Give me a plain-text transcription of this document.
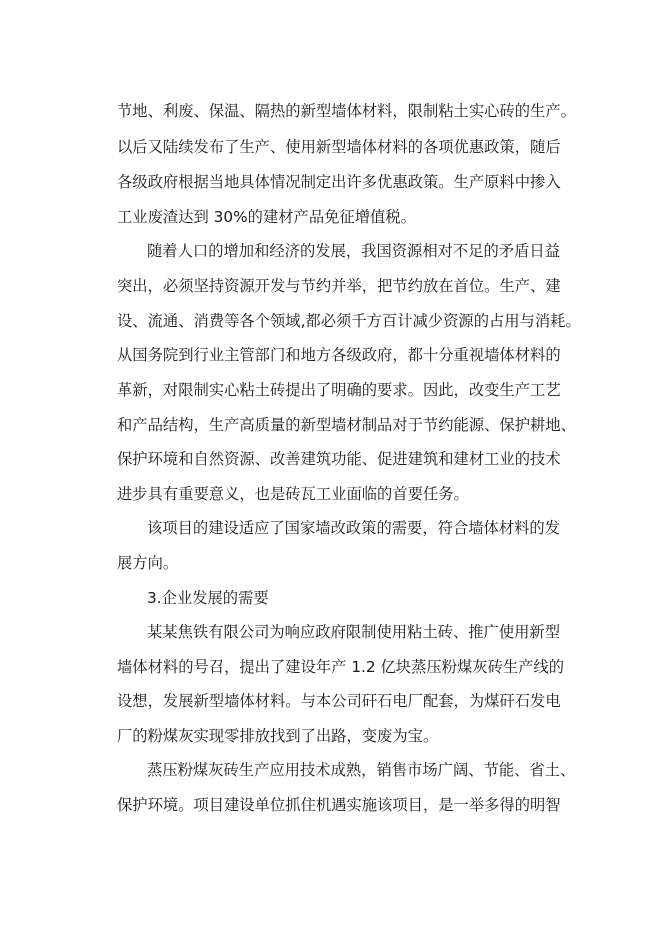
节地、利废、保温、隔热的新型墙体材料，限制粘土实心砖的生产。
以后又陆续发布了生产、使用新型墙体材料的各项优惠政策，随后
各级政府根据当地具体情况制定出许多优惠政策。生产原料中掺入
工业废渣达到 30%的建材产品免征增值税。
随着人口的增加和经济的发展，我国资源相对不足的矛盾日益
突出，必须坚持资源开发与节约并举，把节约放在首位。生产、建
设、流通、消费等各个领域,都必须千方百计减少资源的占用与消耗。
从国务院到行业主管部门和地方各级政府，都十分重视墙体材料的
革新，对限制实心粘土砖提出了明确的要求。因此，改变生产工艺
和产品结构，生产高质量的新型墙材制品对于节约能源、保护耕地、
保护环境和自然资源、改善建筑功能、促进建筑和建材工业的技术
进步具有重要意义，也是砖瓦工业面临的首要任务。
该项目的建设适应了国家墙改政策的需要，符合墙体材料的发
展方向。
3.企业发展的需要
某某焦铁有限公司为响应政府限制使用粘土砖、推广使用新型
墙体材料的号召，提出了建设年产 1.2 亿块蒸压粉煤灰砖生产线的
设想，发展新型墙体材料。与本公司矸石电厂配套，为煤矸石发电
厂的粉煤灰实现零排放找到了出路，变废为宝。
蒸压粉煤灰砖生产应用技术成熟，销售市场广阔、节能、省土、
保护环境。项目建设单位抓住机遇实施该项目，是一举多得的明智
